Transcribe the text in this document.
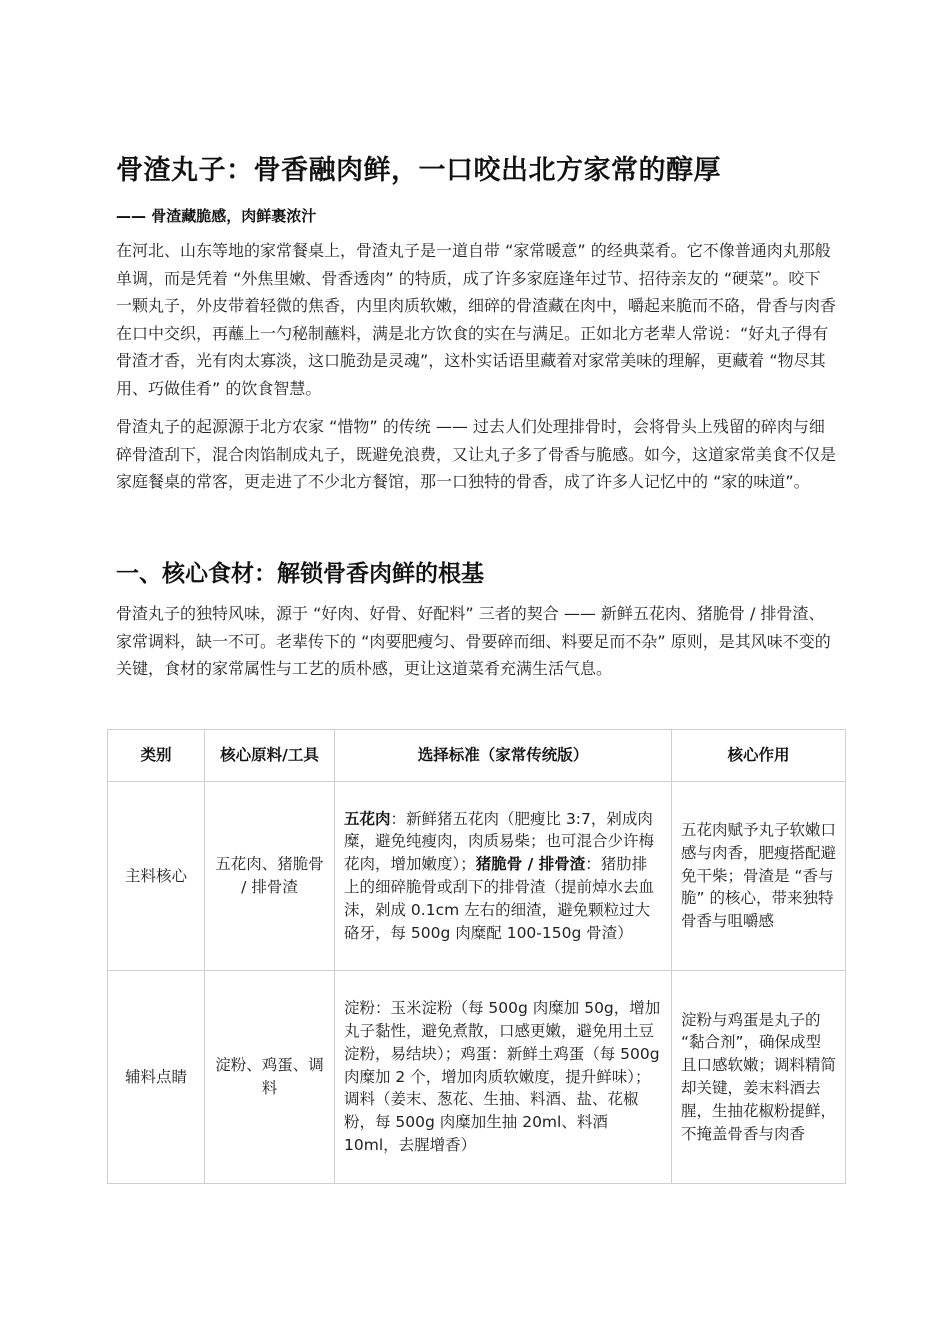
骨渣丸子：骨香融肉鲜，一口咬出北方家常的醇厚
—— 骨渣藏脆感，肉鲜裹浓汁

在河北、山东等地的家常餐桌上，骨渣丸子是一道自带 “家常暖意” 的经典菜肴。它不像普通肉丸那般单调，而是凭着 “外焦里嫩、骨香透肉” 的特质，成了许多家庭逢年过节、招待亲友的 “硬菜”。咬下一颗丸子，外皮带着轻微的焦香，内里肉质软嫩，细碎的骨渣藏在肉中，嚼起来脆而不硌，骨香与肉香在口中交织，再蘸上一勺秘制蘸料，满是北方饮食的实在与满足。正如北方老辈人常说：“好丸子得有骨渣才香，光有肉太寡淡，这口脆劲是灵魂”，这朴实话语里藏着对家常美味的理解，更藏着 “物尽其用、巧做佳肴” 的饮食智慧。

骨渣丸子的起源源于北方农家 “惜物” 的传统 —— 过去人们处理排骨时，会将骨头上残留的碎肉与细碎骨渣刮下，混合肉馅制成丸子，既避免浪费，又让丸子多了骨香与脆感。如今，这道家常美食不仅是家庭餐桌的常客，更走进了不少北方餐馆，那一口独特的骨香，成了许多人记忆中的 “家的味道”。

一、核心食材：解锁骨香肉鲜的根基

骨渣丸子的独特风味，源于 “好肉、好骨、好配料” 三者的契合 —— 新鲜五花肉、猪脆骨 / 排骨渣、家常调料，缺一不可。老辈传下的 “肉要肥瘦匀、骨要碎而细、料要足而不杂” 原则，是其风味不变的关键，食材的家常属性与工艺的质朴感，更让这道菜肴充满生活气息。

类别	核心原料/工具	选择标准（家常传统版）	核心作用
主料核心	五花肉、猪脆骨 / 排骨渣	五花肉：新鲜猪五花肉（肥瘦比 3:7，剁成肉糜，避免纯瘦肉，肉质易柴；也可混合少许梅花肉，增加嫩度）；猪脆骨 / 排骨渣：猪肋排上的细碎脆骨或刮下的排骨渣（提前焯水去血沫，剁成 0.1cm 左右的细渣，避免颗粒过大硌牙，每 500g 肉糜配 100-150g 骨渣）	五花肉赋予丸子软嫩口感与肉香，肥瘦搭配避免干柴；骨渣是 “香与脆” 的核心，带来独特骨香与咀嚼感
辅料点睛	淀粉、鸡蛋、调料	淀粉：玉米淀粉（每 500g 肉糜加 50g，增加丸子黏性，避免煮散，口感更嫩，避免用土豆淀粉，易结块）；鸡蛋：新鲜土鸡蛋（每 500g 肉糜加 2 个，增加肉质软嫩度，提升鲜味）；调料（姜末、葱花、生抽、料酒、盐、花椒粉，每 500g 肉糜加生抽 20ml、料酒 10ml，去腥增香）	淀粉与鸡蛋是丸子的 “黏合剂”，确保成型且口感软嫩；调料精简却关键，姜末料酒去腥，生抽花椒粉提鲜，不掩盖骨香与肉香
